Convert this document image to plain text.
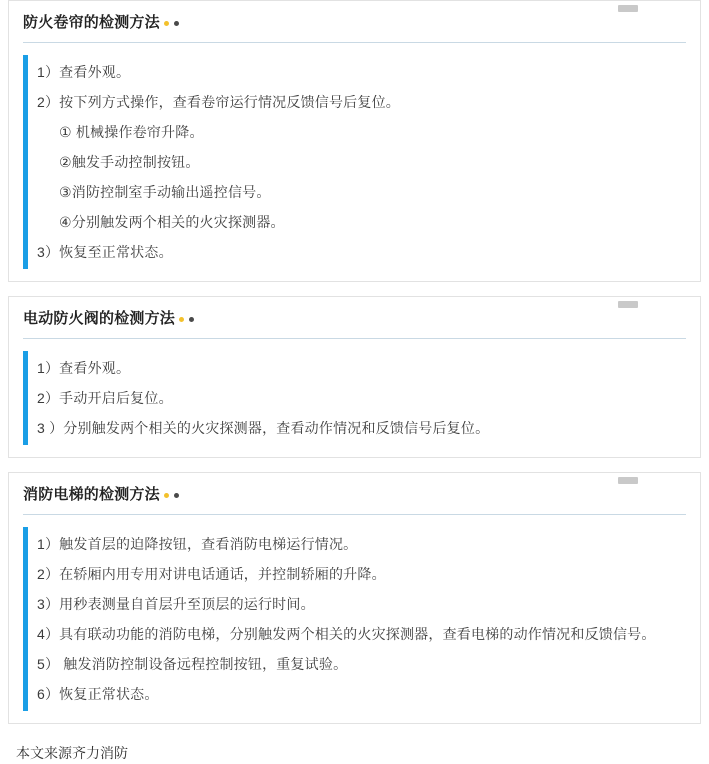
防火卷帘的检测方法
1）查看外观。
2）按下列方式操作，查看卷帘运行情况反馈信号后复位。
① 机械操作卷帘升降。
②触发手动控制按钮。
③消防控制室手动输出遥控信号。
④分别触发两个相关的火灾探测器。
3）恢复至正常状态。
电动防火阀的检测方法
1）查看外观。
2）手动开启后复位。
3 ）分别触发两个相关的火灾探测器，查看动作情况和反馈信号后复位。
消防电梯的检测方法
1）触发首层的迫降按钮，查看消防电梯运行情况。
2）在轿厢内用专用对讲电话通话，并控制轿厢的升降。
3）用秒表测量自首层升至顶层的运行时间。
4）具有联动功能的消防电梯，分别触发两个相关的火灾探测器，查看电梯的动作情况和反馈信号。
5） 触发消防控制设备远程控制按钮，重复试验。
6）恢复正常状态。
本文来源齐力消防
